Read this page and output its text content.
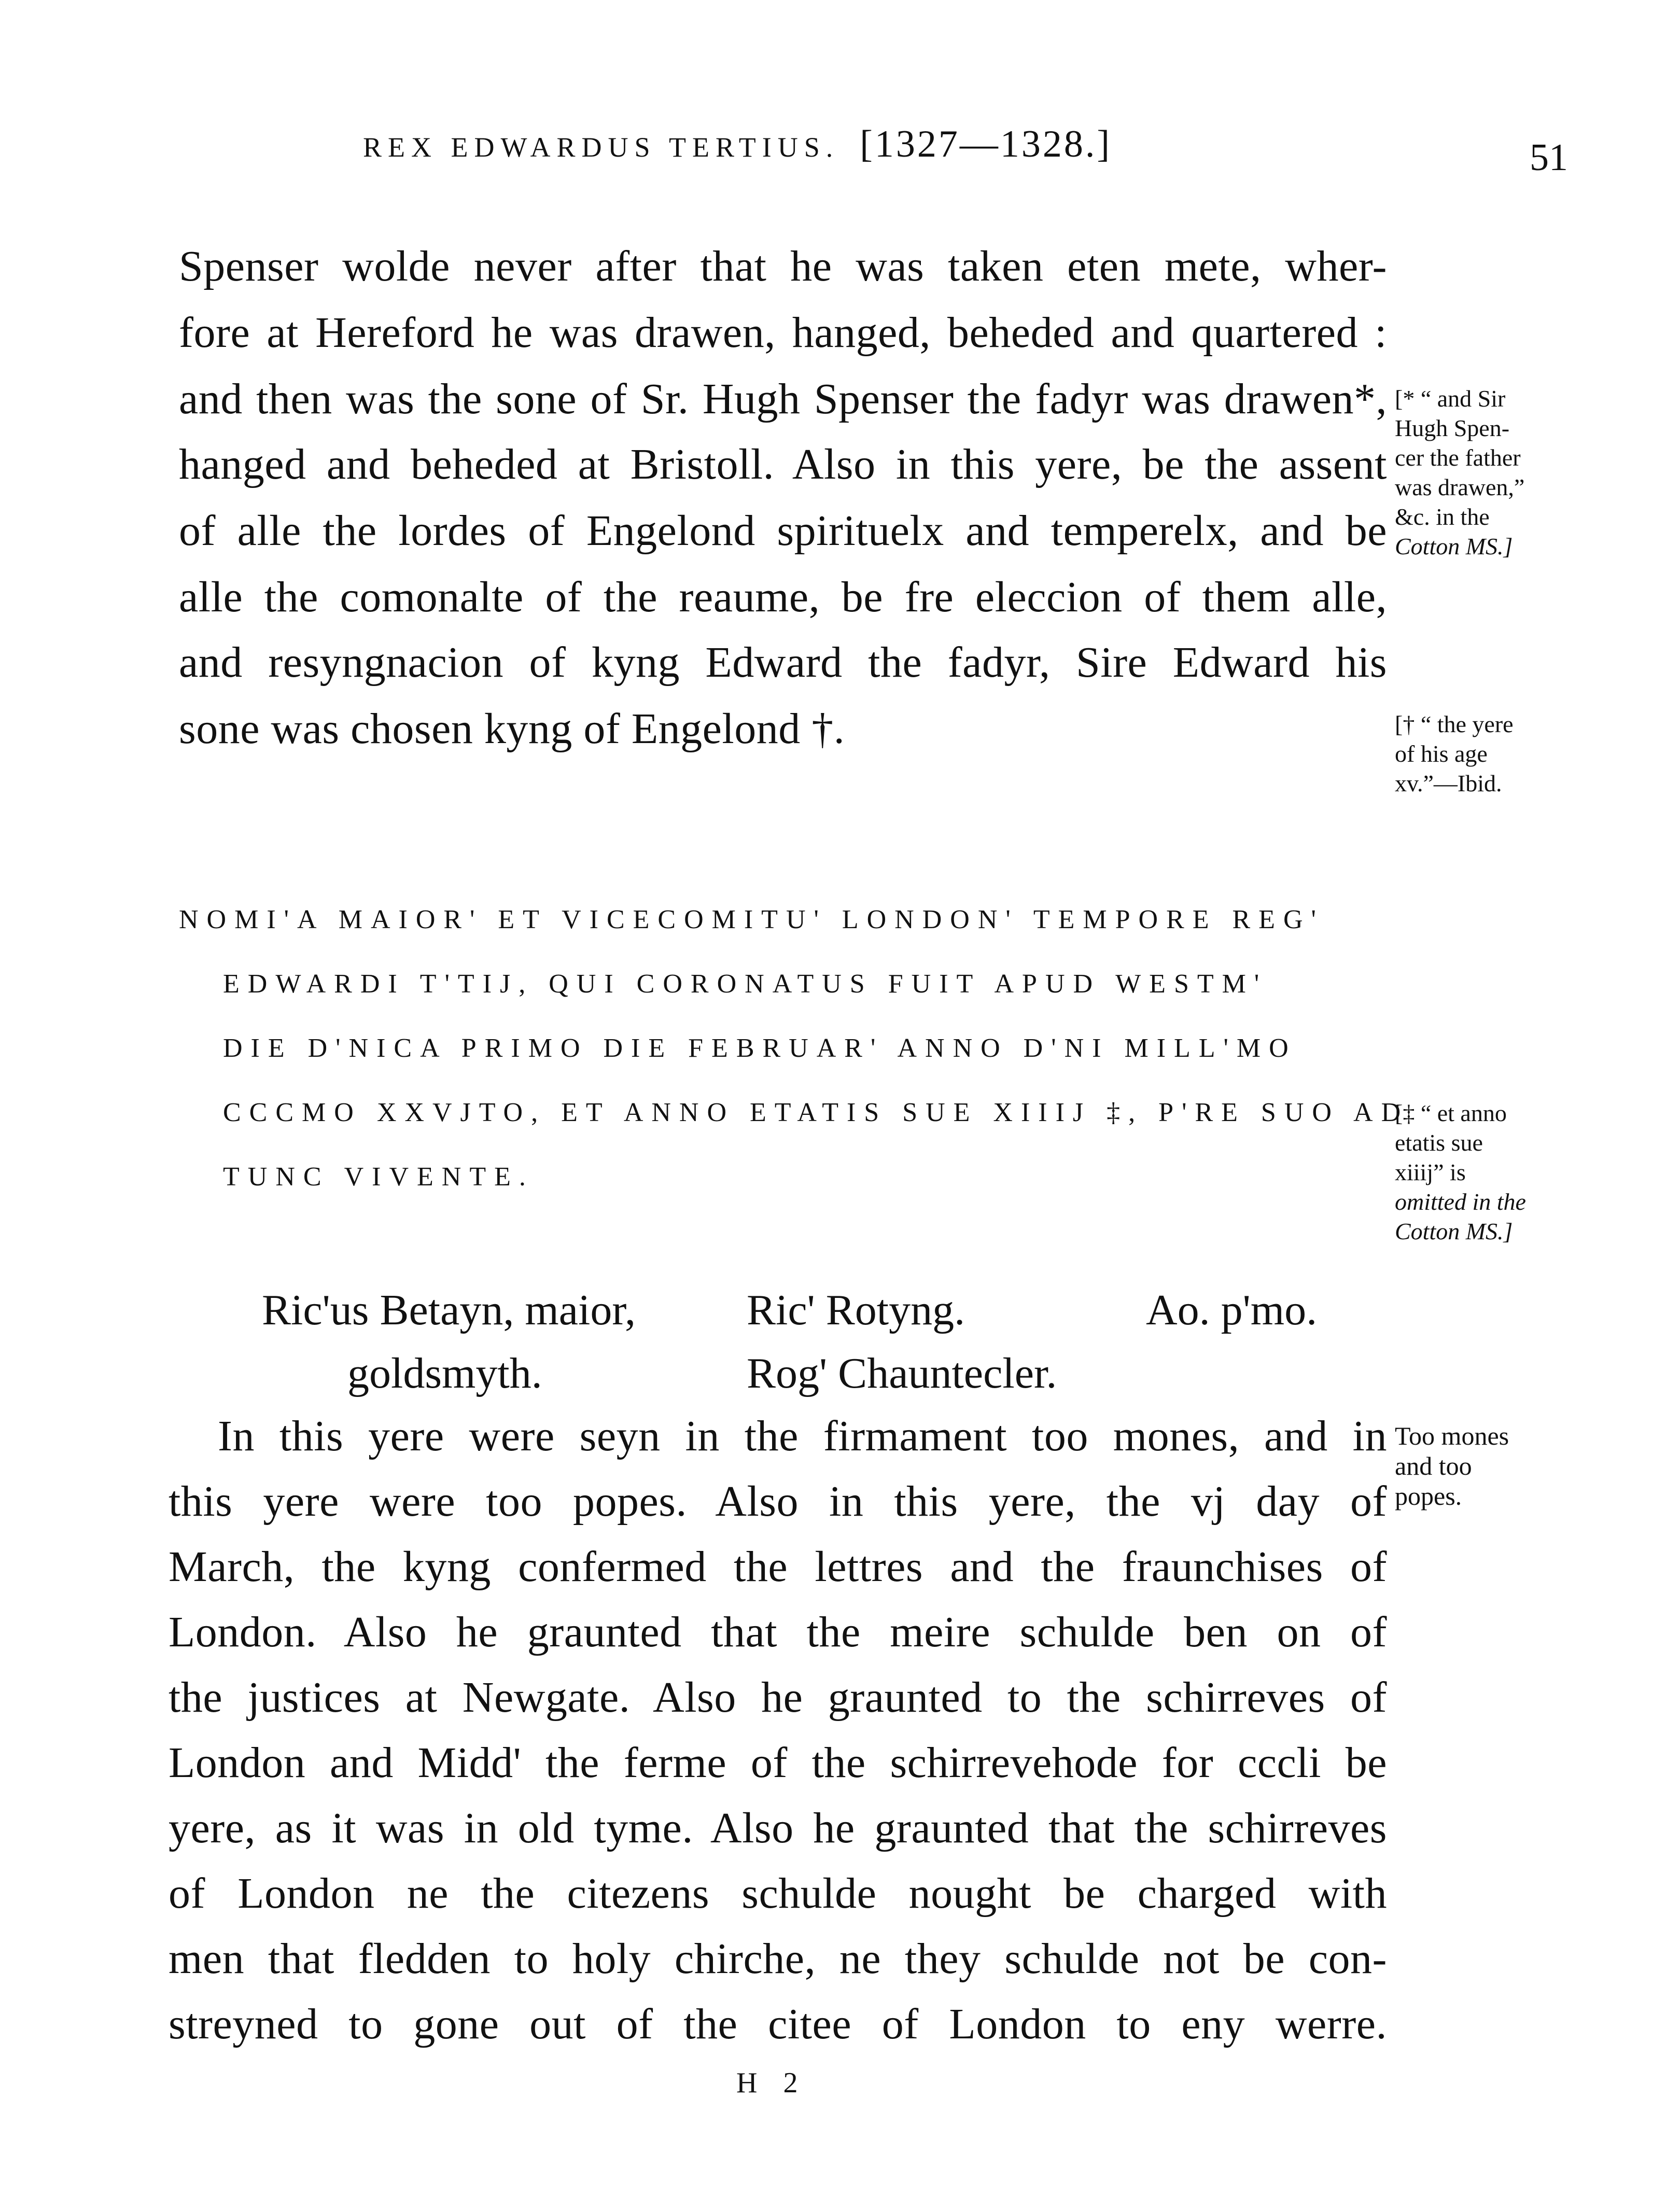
REX EDWARDUS TERTIUS. [1327—1328.]	51
Spenser wolde never after that he was taken eten mete, wher-
fore at Hereford he was drawen, hanged, beheded and quartered :
and then was the sone of Sr. Hugh Spenser the fadyr was drawen*,
hanged and beheded at Bristoll. Also in this yere, be the assent
of alle the lordes of Engelond spirituelx and temperelx, and be
alle the comonalte of the reaume, be fre eleccion of them alle,
and resyngnacion of kyng Edward the fadyr, Sire Edward his
sone was chosen kyng of Engelond †.
[* “ and Sir
Hugh Spen-
cer the father
was drawen,”
&c. in the
Cotton MS.]
[† “ the yere
of his age
xv.”—Ibid.
NOMI'A MAIOR' ET VICECOMITU' LONDON' TEMPORE REG'
EDWARDI T'TIJ, QUI CORONATUS FUIT APUD WESTM'
DIE D'NICA PRIMO DIE FEBRUAR' ANNO D'NI MILL'MO
CCCMO XXVJTO, ET ANNO ETATIS SUE XIIIJ ‡, P'RE SUO AD
TUNC VIVENTE.
[‡ “ et anno
etatis sue
xiiij” is
omitted in the
Cotton MS.]
Ric'us Betayn, maior,
goldsmyth.
Ric' Rotyng.
Rog' Chauntecler.
Ao. p'mo.
In this yere were seyn in the firmament too mones, and in
this yere were too popes. Also in this yere, the vj day of
March, the kyng confermed the lettres and the fraunchises of
London. Also he graunted that the meire schulde ben on of
the justices at Newgate. Also he graunted to the schirreves of
London and Midd' the ferme of the schirrevehode for cccli be
yere, as it was in old tyme. Also he graunted that the schirreves
of London ne the citezens schulde nought be charged with
men that fledden to holy chirche, ne they schulde not be con-
streyned to gone out of the citee of London to eny werre.
Too mones
and too
popes.
H 2
